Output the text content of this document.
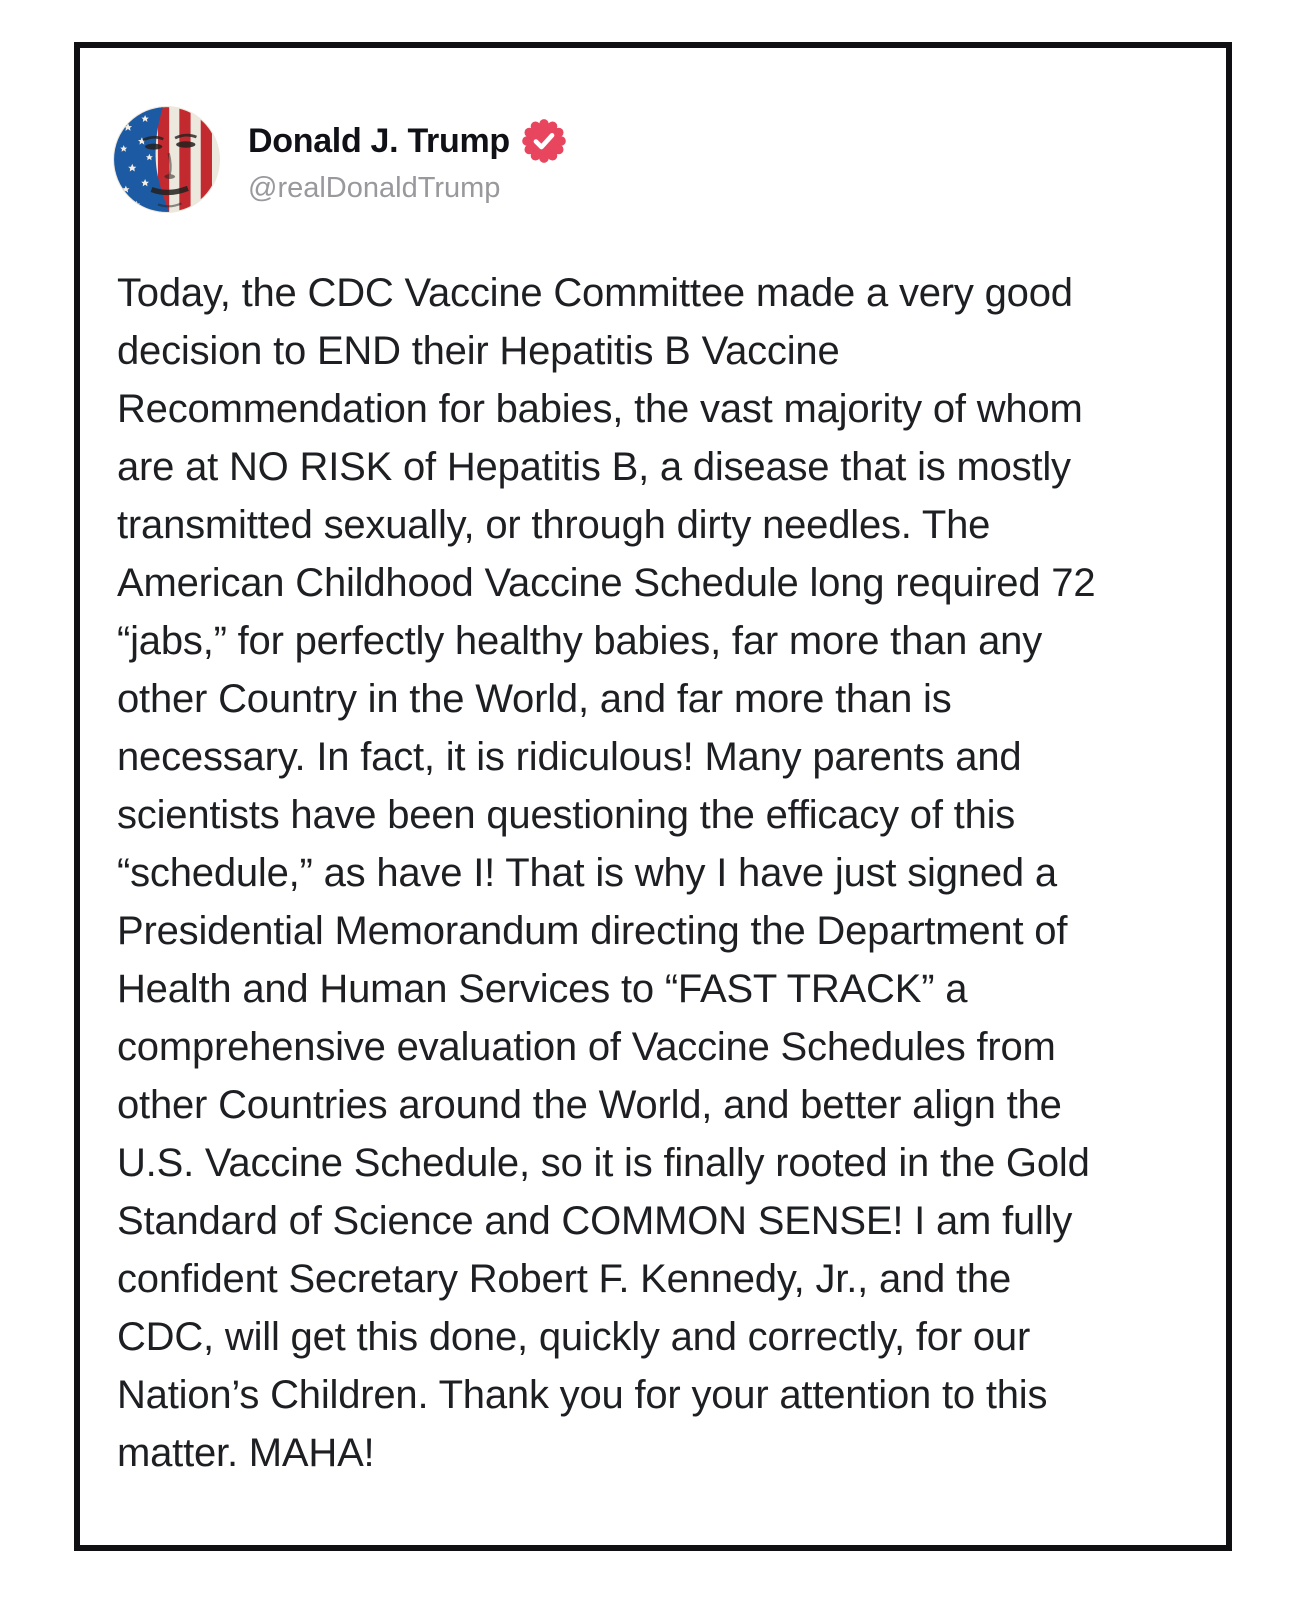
Donald J. Trump
@realDonaldTrump
Today, the CDC Vaccine Committee made a very good
decision to END their Hepatitis B Vaccine
Recommendation for babies, the vast majority of whom
are at NO RISK of Hepatitis B, a disease that is mostly
transmitted sexually, or through dirty needles. The
American Childhood Vaccine Schedule long required 72
“jabs,” for perfectly healthy babies, far more than any
other Country in the World, and far more than is
necessary. In fact, it is ridiculous! Many parents and
scientists have been questioning the efficacy of this
“schedule,” as have I! That is why I have just signed a
Presidential Memorandum directing the Department of
Health and Human Services to “FAST TRACK” a
comprehensive evaluation of Vaccine Schedules from
other Countries around the World, and better align the
U.S. Vaccine Schedule, so it is finally rooted in the Gold
Standard of Science and COMMON SENSE! I am fully
confident Secretary Robert F. Kennedy, Jr., and the
CDC, will get this done, quickly and correctly, for our
Nation’s Children. Thank you for your attention to this
matter. MAHA!
